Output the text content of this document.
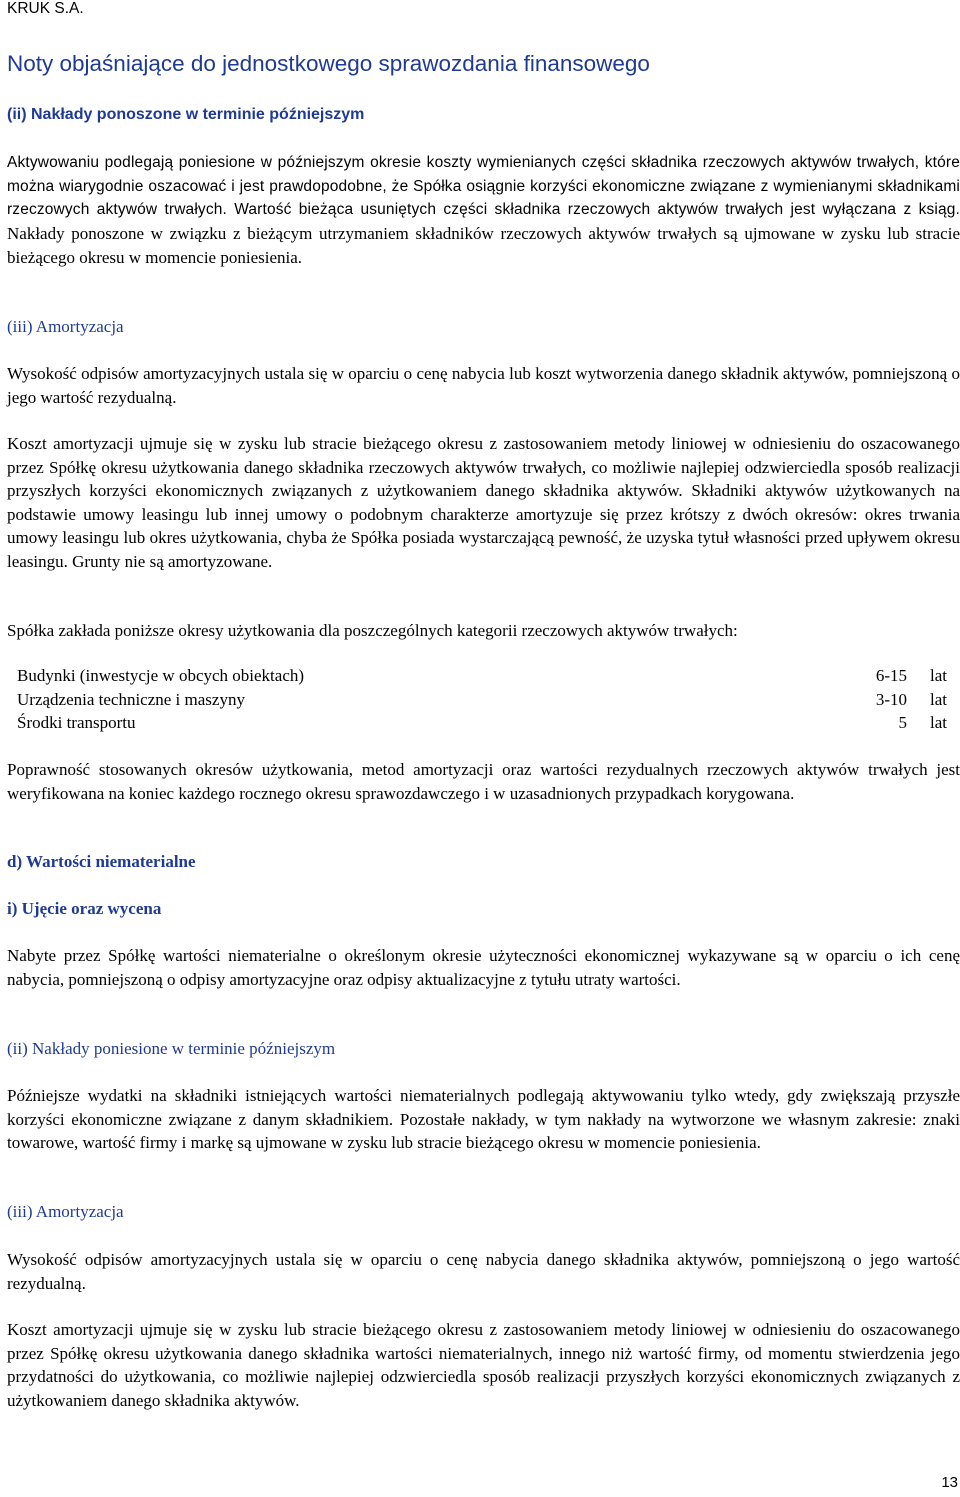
KRUK S.A.
Noty objaśniające do jednostkowego sprawozdania finansowego
(ii) Nakłady ponoszone w terminie późniejszym

Aktywowaniu podlegają poniesione w późniejszym okresie koszty wymienianych części składnika rzeczowych aktywów trwałych, które można wiarygodnie oszacować i jest prawdopodobne, że Spółka osiągnie korzyści ekonomiczne związane z wymienianymi składnikami rzeczowych aktywów trwałych. Wartość bieżąca usuniętych części składnika rzeczowych aktywów trwałych jest wyłączana z ksiąg. Nakłady ponoszone w związku z bieżącym utrzymaniem składników rzeczowych aktywów trwałych są ujmowane w zysku lub stracie bieżącego okresu w momencie poniesienia.

(iii) Amortyzacja

Wysokość odpisów amortyzacyjnych ustala się w oparciu o cenę nabycia lub koszt wytworzenia danego składnik aktywów, pomniejszoną o jego wartość rezydualną.

Koszt amortyzacji ujmuje się w zysku lub stracie bieżącego okresu z zastosowaniem metody liniowej w odniesieniu do oszacowanego przez Spółkę okresu użytkowania danego składnika rzeczowych aktywów trwałych, co możliwie najlepiej odzwierciedla sposób realizacji przyszłych korzyści ekonomicznych związanych z użytkowaniem danego składnika aktywów. Składniki aktywów użytkowanych na podstawie umowy leasingu lub innej umowy o podobnym charakterze amortyzuje się przez krótszy z dwóch okresów: okres trwania umowy leasingu lub okres użytkowania, chyba że Spółka posiada wystarczającą pewność, że uzyska tytuł własności przed upływem okresu leasingu. Grunty nie są amortyzowane.

Spółka zakłada poniższe okresy użytkowania dla poszczególnych kategorii rzeczowych aktywów trwałych:

Budynki (inwestycje w obcych obiektach)	6-15	lat
Urządzenia techniczne i maszyny	3-10	lat
Środki transportu	5	lat

Poprawność stosowanych okresów użytkowania, metod amortyzacji oraz wartości rezydualnych rzeczowych aktywów trwałych jest weryfikowana na koniec każdego rocznego okresu sprawozdawczego i w uzasadnionych przypadkach korygowana.

d) Wartości niematerialne
i) Ujęcie oraz wycena

Nabyte przez Spółkę wartości niematerialne o określonym okresie użyteczności ekonomicznej wykazywane są w oparciu o ich cenę nabycia, pomniejszoną o odpisy amortyzacyjne oraz odpisy aktualizacyjne z tytułu utraty wartości.

(ii) Nakłady poniesione w terminie późniejszym

Późniejsze wydatki na składniki istniejących wartości niematerialnych podlegają aktywowaniu tylko wtedy, gdy zwiększają przyszłe korzyści ekonomiczne związane z danym składnikiem. Pozostałe nakłady, w tym nakłady na wytworzone we własnym zakresie: znaki towarowe, wartość firmy i markę są ujmowane w zysku lub stracie bieżącego okresu w momencie poniesienia.

(iii) Amortyzacja

Wysokość odpisów amortyzacyjnych ustala się w oparciu o cenę nabycia danego składnika aktywów, pomniejszoną o jego wartość rezydualną.

Koszt amortyzacji ujmuje się w zysku lub stracie bieżącego okresu z zastosowaniem metody liniowej w odniesieniu do oszacowanego przez Spółkę okresu użytkowania danego składnika wartości niematerialnych, innego niż wartość firmy, od momentu stwierdzenia jego przydatności do użytkowania, co możliwie najlepiej odzwierciedla sposób realizacji przyszłych korzyści ekonomicznych związanych z użytkowaniem danego składnika aktywów.

13
